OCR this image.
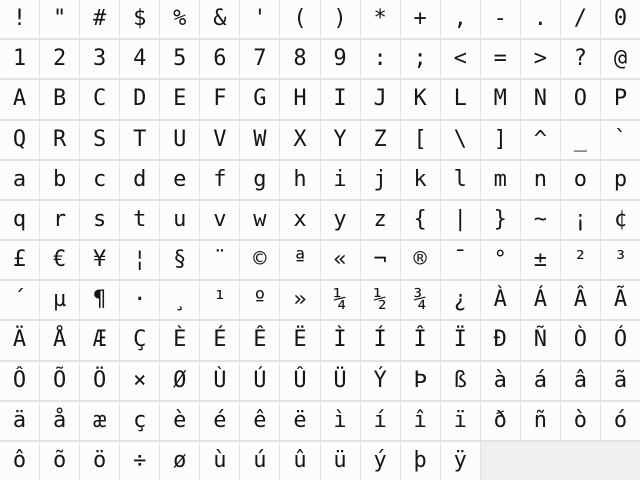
!	"	#	$	%	&	'	(	)	*	+	,	-	.	/	0
1	2	3	4	5	6	7	8	9	:	;	<	=	>	?	@
A	B	C	D	E	F	G	H	I	J	K	L	M	N	O	P
Q	R	S	T	U	V	W	X	Y	Z	[	\	]	^	_	`
a	b	c	d	e	f	g	h	i	j	k	l	m	n	o	p
q	r	s	t	u	v	w	x	y	z	{	|	}	~	¡	¢
£	€	¥	¦	§	¨	©	ª	«	¬	®	¯	°	±	²	³
´	µ	¶	·	¸	¹	º	»	¼	½	¾	¿	À	Á	Â	Ã
Ä	Å	Æ	Ç	È	É	Ê	Ë	Ì	Í	Î	Ï	Ð	Ñ	Ò	Ó
Ô	Õ	Ö	×	Ø	Ù	Ú	Û	Ü	Ý	Þ	ß	à	á	â	ã
ä	å	æ	ç	è	é	ê	ë	ì	í	î	ï	ð	ñ	ò	ó
ô	õ	ö	÷	ø	ù	ú	û	ü	ý	þ	ÿ
